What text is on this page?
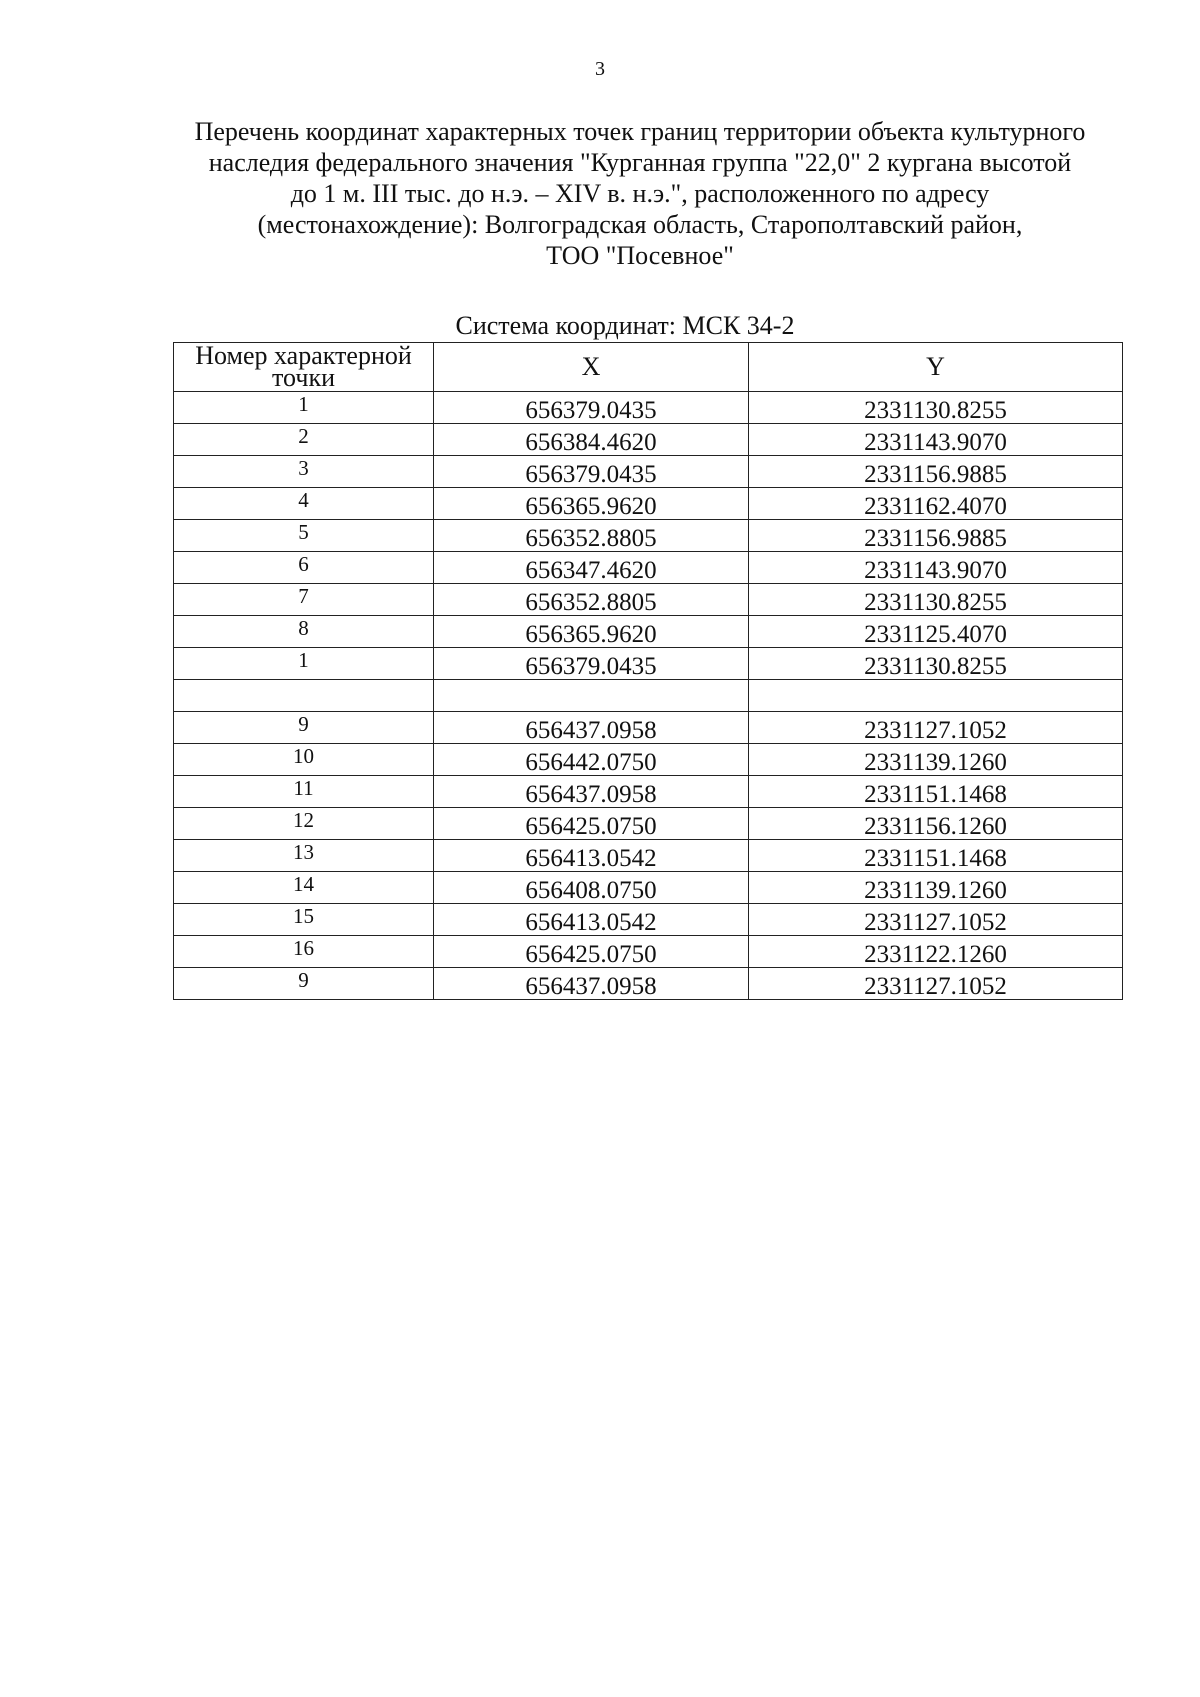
3
Перечень координат характерных точек границ территории объекта культурного
наследия федерального значения "Курганная группа "22,0" 2 кургана высотой
до 1 м. III тыс. до н.э. – XIV в. н.э.", расположенного по адресу
(местонахождение): Волгоградская область, Старополтавский район,
ТОО "Посевное"
Система координат: МСК 34-2
Номер характерной
точки	X	Y
1	656379.0435	2331130.8255
2	656384.4620	2331143.9070
3	656379.0435	2331156.9885
4	656365.9620	2331162.4070
5	656352.8805	2331156.9885
6	656347.4620	2331143.9070
7	656352.8805	2331130.8255
8	656365.9620	2331125.4070
1	656379.0435	2331130.8255

9	656437.0958	2331127.1052
10	656442.0750	2331139.1260
11	656437.0958	2331151.1468
12	656425.0750	2331156.1260
13	656413.0542	2331151.1468
14	656408.0750	2331139.1260
15	656413.0542	2331127.1052
16	656425.0750	2331122.1260
9	656437.0958	2331127.1052
